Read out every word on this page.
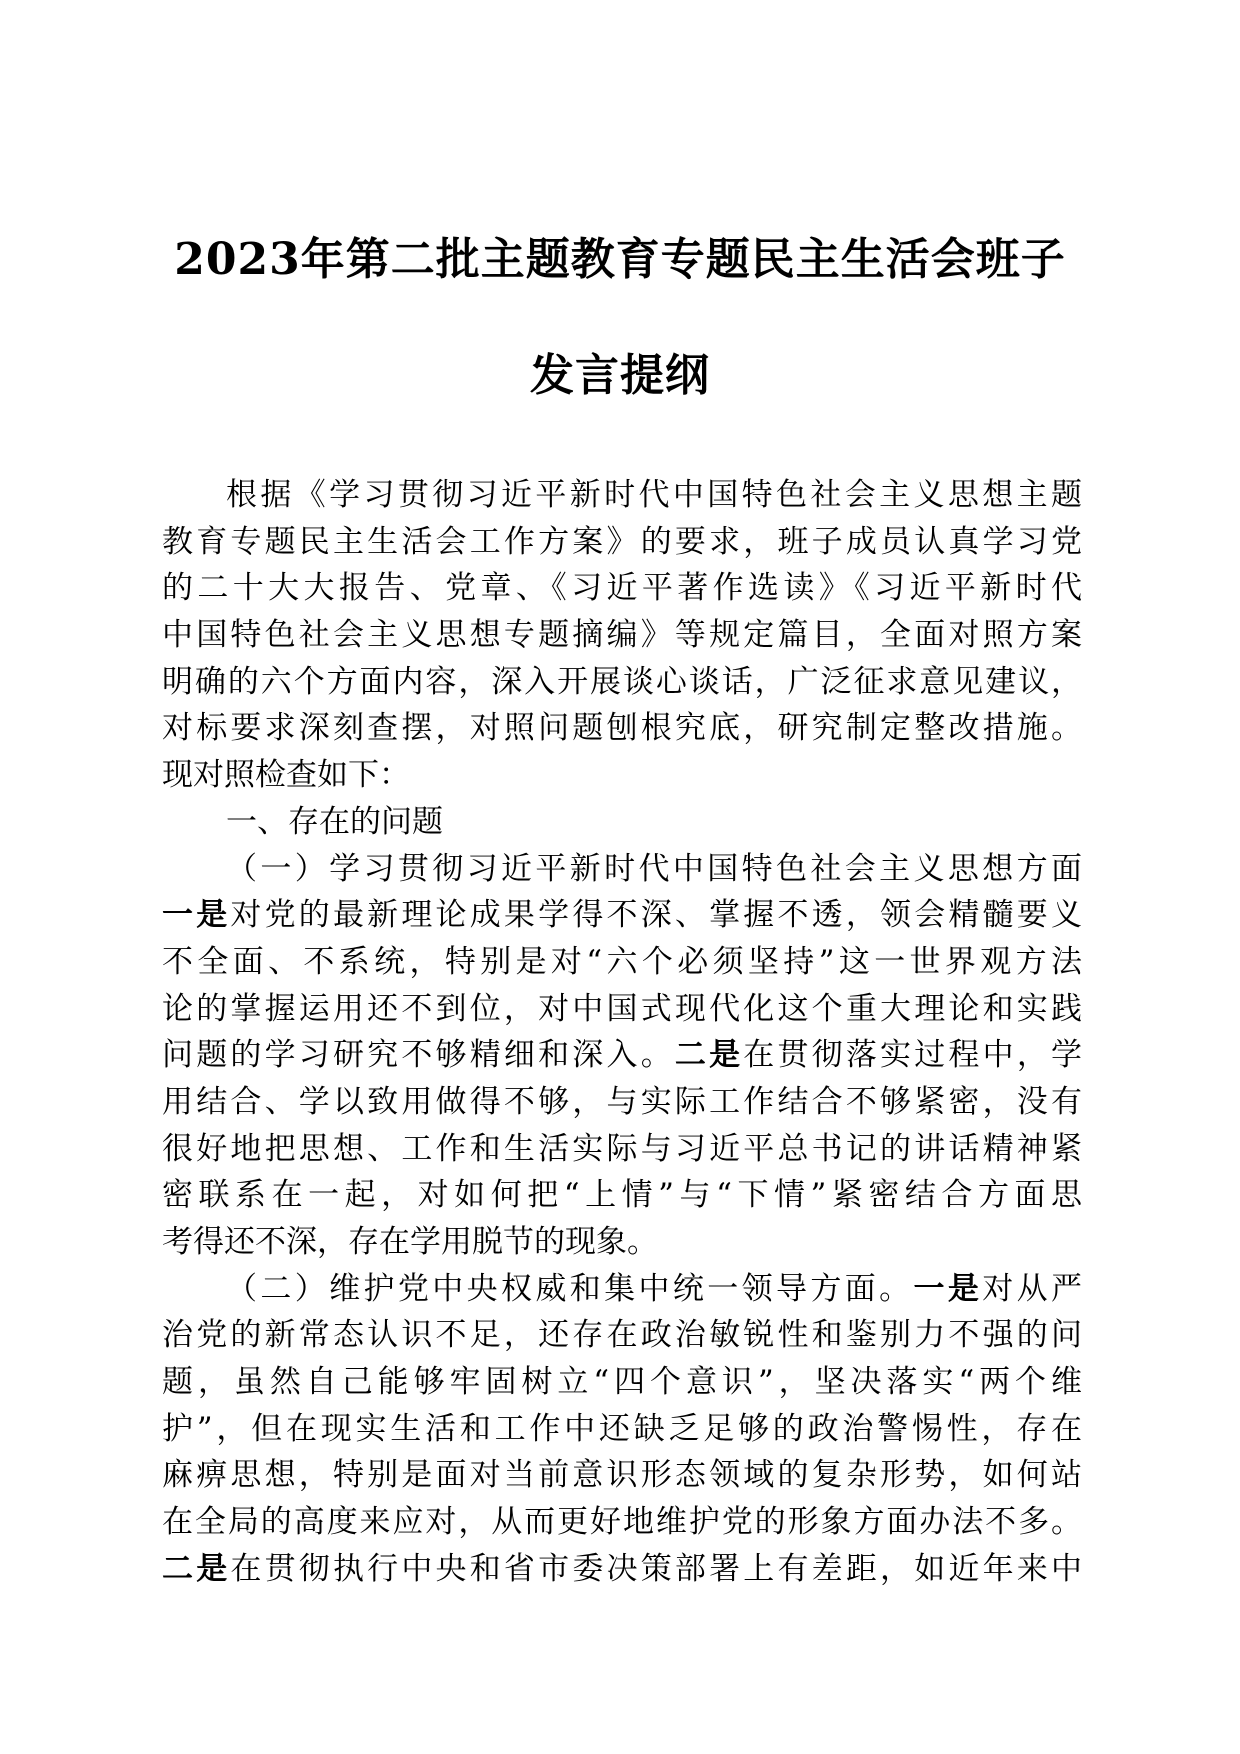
2023年第二批主题教育专题民主生活会班子
发言提纲
根据《学习贯彻习近平新时代中国特色社会主义思想主题
教育专题民主生活会工作方案》的要求，班子成员认真学习党
的二十大大报告、党章、《习近平著作选读》《习近平新时代
中国特色社会主义思想专题摘编》等规定篇目，全面对照方案
明确的六个方面内容，深入开展谈心谈话，广泛征求意见建议，
对标要求深刻查摆，对照问题刨根究底，研究制定整改措施。
现对照检查如下：
一、存在的问题
（一）学习贯彻习近平新时代中国特色社会主义思想方面
一是对党的最新理论成果学得不深、掌握不透，领会精髓要义
不全面、不系统，特别是对“六个必须坚持”这一世界观方法
论的掌握运用还不到位，对中国式现代化这个重大理论和实践
问题的学习研究不够精细和深入。二是在贯彻落实过程中，学
用结合、学以致用做得不够，与实际工作结合不够紧密，没有
很好地把思想、工作和生活实际与习近平总书记的讲话精神紧
密联系在一起，对如何把“上情”与“下情”紧密结合方面思
考得还不深，存在学用脱节的现象。
（二）维护党中央权威和集中统一领导方面。一是对从严
治党的新常态认识不足，还存在政治敏锐性和鉴别力不强的问
题，虽然自己能够牢固树立“四个意识”，坚决落实“两个维
护”，但在现实生活和工作中还缺乏足够的政治警惕性，存在
麻痹思想，特别是面对当前意识形态领域的复杂形势，如何站
在全局的高度来应对，从而更好地维护党的形象方面办法不多。
二是在贯彻执行中央和省市委决策部署上有差距，如近年来中
